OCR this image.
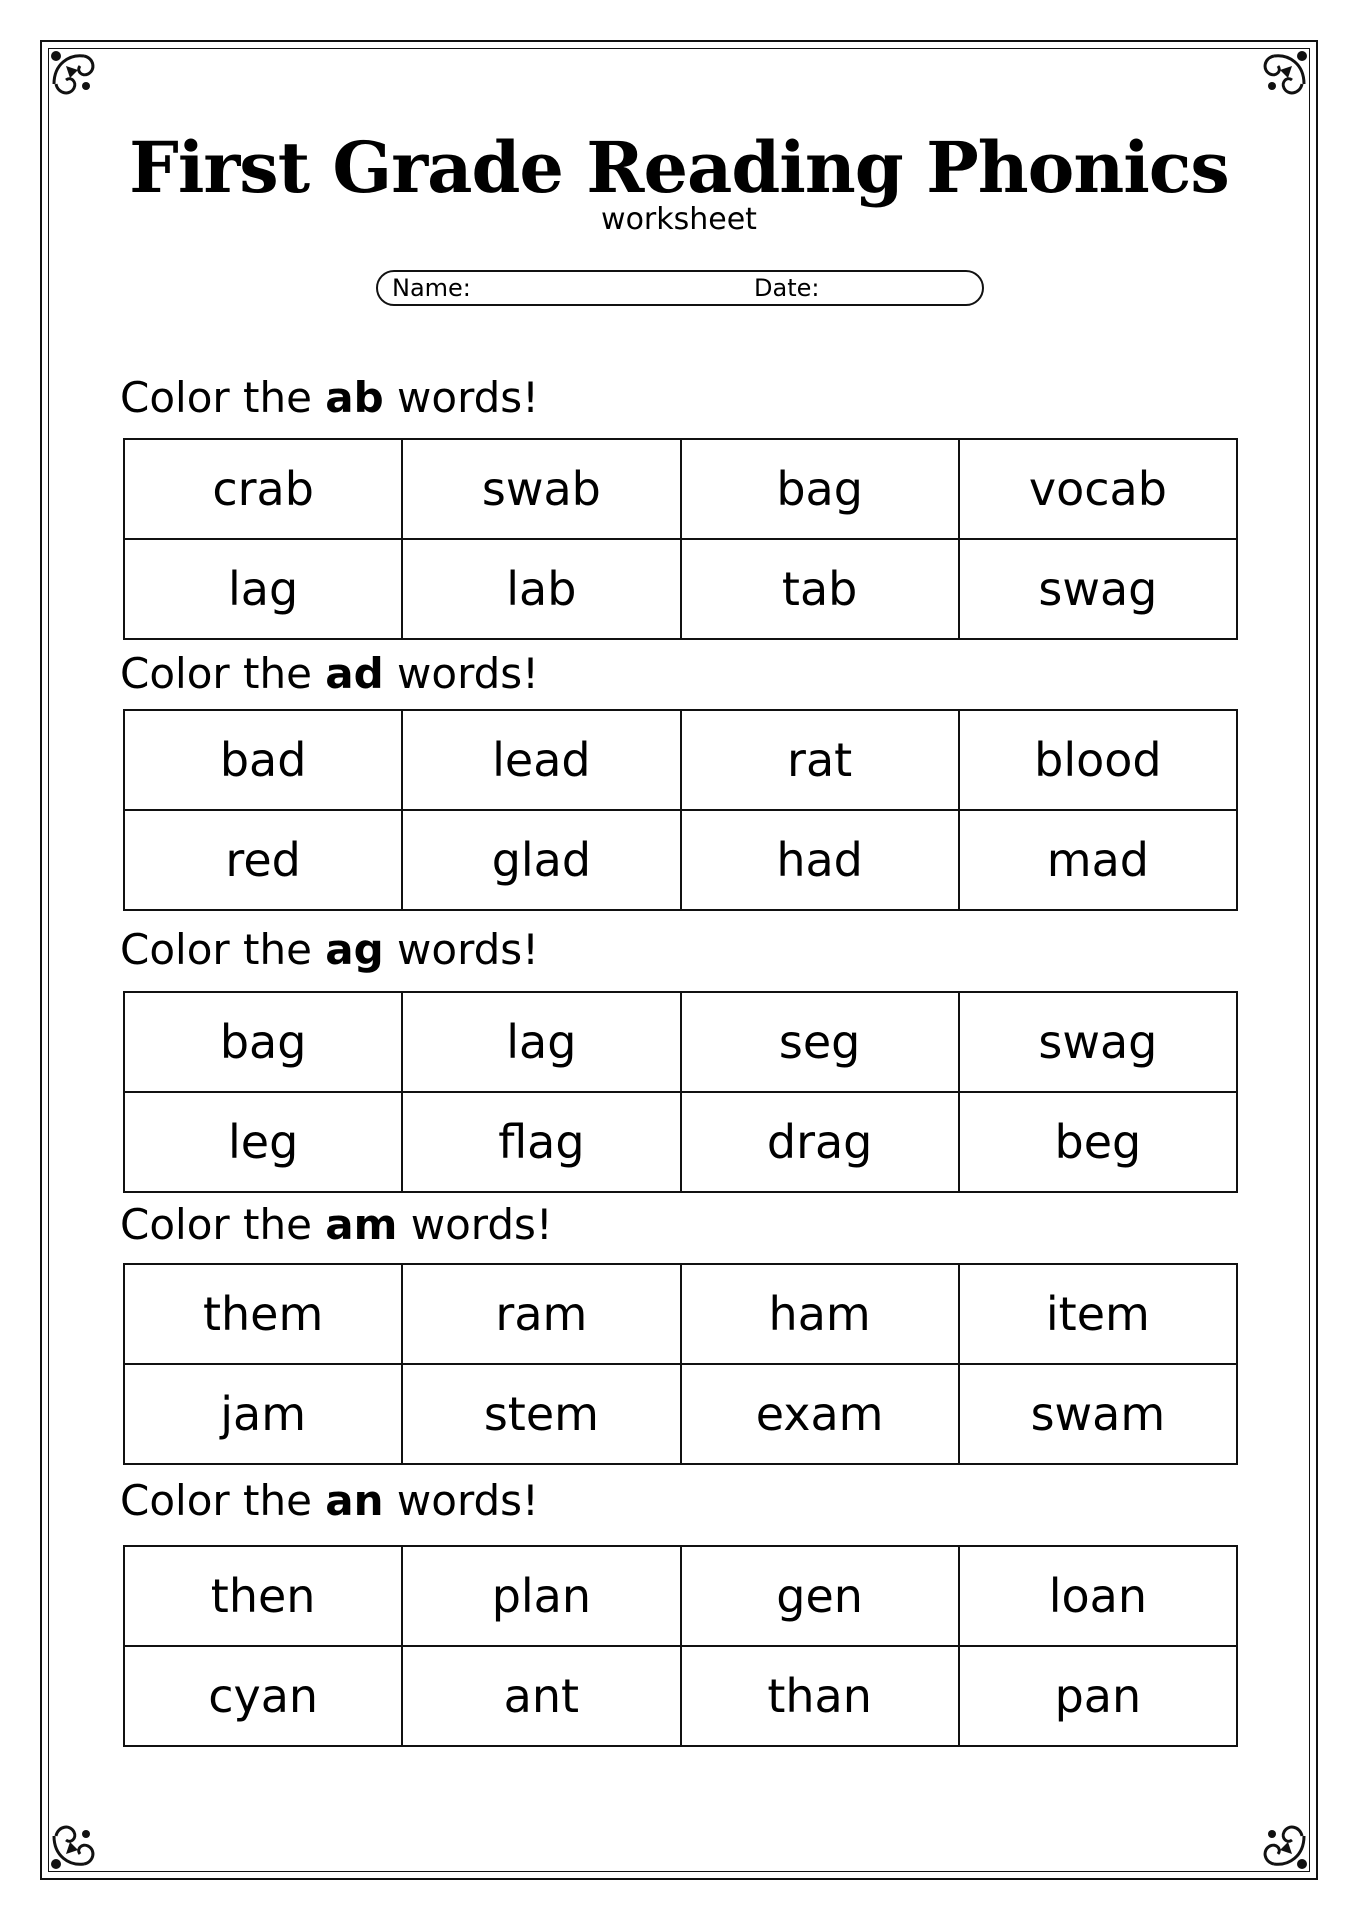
First Grade Reading Phonics
worksheet
Name:	Date:
Color the ab words!
crab	swab	bag	vocab
lag	lab	tab	swag
Color the ad words!
bad	lead	rat	blood
red	glad	had	mad
Color the ag words!
bag	lag	seg	swag
leg	flag	drag	beg
Color the am words!
them	ram	ham	item
jam	stem	exam	swam
Color the an words!
then	plan	gen	loan
cyan	ant	than	pan
